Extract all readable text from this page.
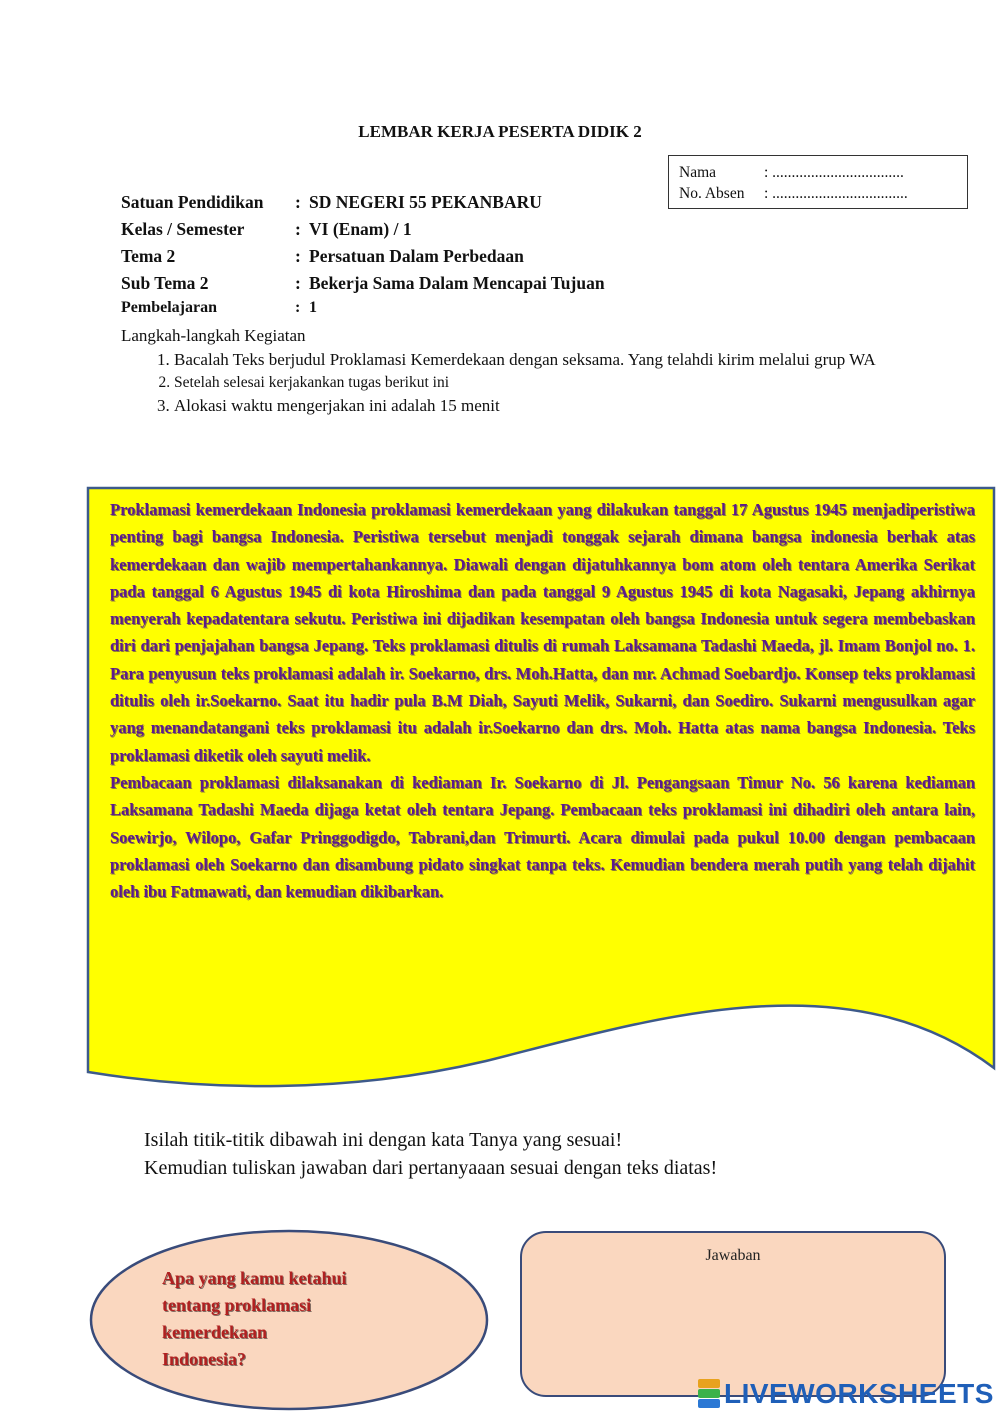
LEMBAR KERJA PESERTA DIDIK 2
Nama	: ..................................
No. Absen : ...................................
Satuan Pendidikan : SD NEGERI 55 PEKANBARU
Kelas / Semester	: VI (Enam) / 1
Tema 2	: Persatuan Dalam Perbedaan
Sub Tema 2	: Bekerja Sama Dalam Mencapai Tujuan
Pembelajaran	: 1
Langkah-langkah Kegiatan
1. Bacalah Teks berjudul Proklamasi Kemerdekaan dengan seksama. Yang telahdi kirim melalui grup WA
2. Setelah selesai kerjakankan tugas berikut ini
3. Alokasi waktu mengerjakan ini adalah 15 menit

Proklamasi kemerdekaan Indonesia proklamasi kemerdekaan yang dilakukan tanggal 17 Agustus 1945 menjadiperistiwa penting bagi bangsa Indonesia. Peristiwa tersebut menjadi tonggak sejarah dimana bangsa indonesia berhak atas kemerdekaan dan wajib mempertahankannya. Diawali dengan dijatuhkannya bom atom oleh tentara Amerika Serikat pada tanggal 6 Agustus 1945 di kota Hiroshima dan pada tanggal 9 Agustus 1945 di kota Nagasaki, Jepang akhirnya menyerah kepadatentara sekutu. Peristiwa ini dijadikan kesempatan oleh bangsa Indonesia untuk segera membebaskan diri dari penjajahan bangsa Jepang. Teks proklamasi ditulis di rumah Laksamana Tadashi Maeda, jl. Imam Bonjol no. 1. Para penyusun teks proklamasi adalah ir. Soekarno, drs. Moh.Hatta, dan mr. Achmad Soebardjo. Konsep teks proklamasi ditulis oleh ir.Soekarno. Saat itu hadir pula B.M Diah, Sayuti Melik, Sukarni, dan Soediro. Sukarni mengusulkan agar yang menandatangani teks proklamasi itu adalah ir.Soekarno dan drs. Moh. Hatta atas nama bangsa Indonesia. Teks proklamasi diketik oleh sayuti melik.

Pembacaan proklamasi dilaksanakan di kediaman Ir. Soekarno di Jl. Pengangsaan Timur No. 56 karena kediaman Laksamana Tadashi Maeda dijaga ketat oleh tentara Jepang. Pembacaan teks proklamasi ini dihadiri oleh antara lain, Soewirjo, Wilopo, Gafar Pringgodigdo, Tabrani,dan Trimurti. Acara dimulai pada pukul 10.00 dengan pembacaan proklamasi oleh Soekarno dan disambung pidato singkat tanpa teks. Kemudian bendera merah putih yang telah dijahit oleh ibu Fatmawati, dan kemudian dikibarkan.

Isilah titik-titik dibawah ini dengan kata Tanya yang sesuai!
Kemudian tuliskan jawaban dari pertanyaaan sesuai dengan teks diatas!
Apa yang kamu ketahui
tentang proklamasi
kemerdekaan
Indonesia?
Jawaban
LIVEWORKSHEETS
